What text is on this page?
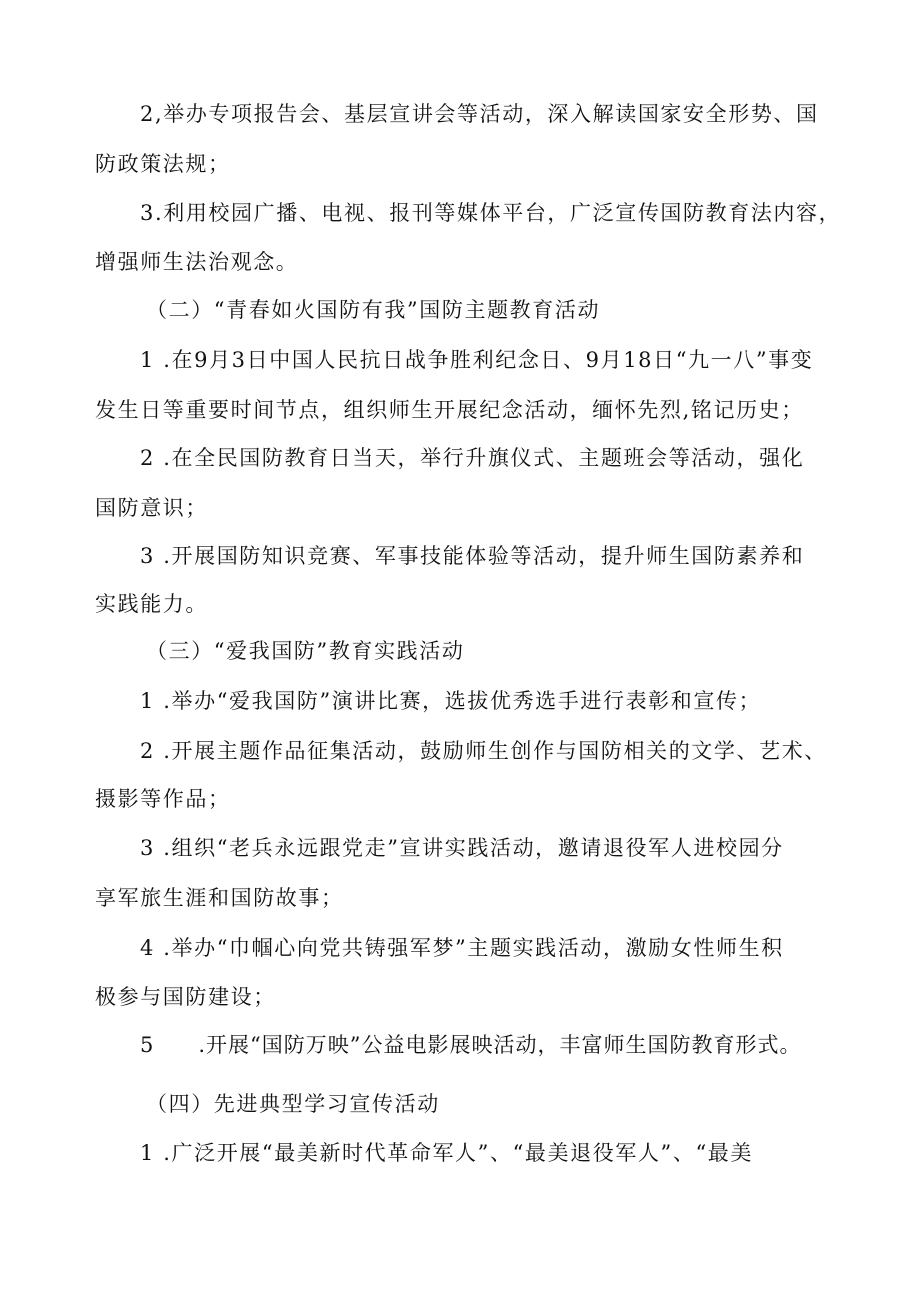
2,举办专项报告会、基层宣讲会等活动，深入解读国家安全形势、国

防政策法规；

3.利用校园广播、电视、报刊等媒体平台，广泛宣传国防教育法内容，

增强师生法治观念。

（二）“青春如火国防有我”国防主题教育活动

1 .在9月3日中国人民抗日战争胜利纪念日、9月18日“九一八”事变

发生日等重要时间节点，组织师生开展纪念活动，缅怀先烈,铭记历史；

2 .在全民国防教育日当天，举行升旗仪式、主题班会等活动，强化

国防意识；

3 .开展国防知识竞赛、军事技能体验等活动，提升师生国防素养和

实践能力。

（三）“爱我国防”教育实践活动

1 .举办“爱我国防”演讲比赛，选拔优秀选手进行表彰和宣传；

2 .开展主题作品征集活动，鼓励师生创作与国防相关的文学、艺术、

摄影等作品；

3 .组织“老兵永远跟党走”宣讲实践活动，邀请退役军人进校园分

享军旅生涯和国防故事；

4 .举办“巾帼心向党共铸强军梦”主题实践活动，激励女性师生积

极参与国防建设；

5　　.开展“国防万映”公益电影展映活动，丰富师生国防教育形式。

（四）先进典型学习宣传活动

1 .广泛开展“最美新时代革命军人”、“最美退役军人”、“最美
